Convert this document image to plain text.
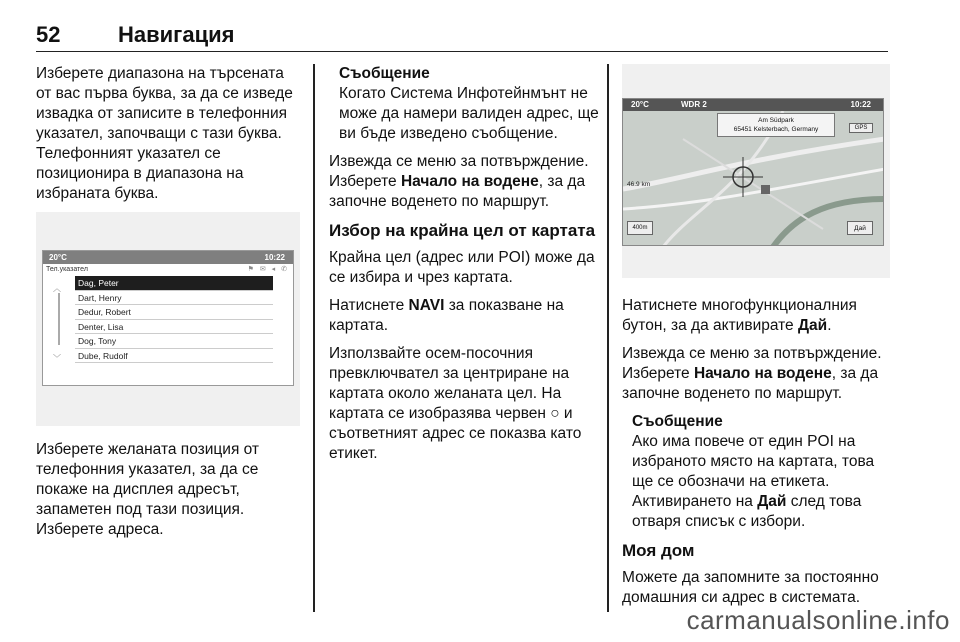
52	Навигация

Изберете диапазона на търсената от вас първа буква, за да се изведе извадка от записите в телефонния указател, започващи с тази буква. Телефонният указател се позиционира в диапазона на избраната буква.

20°C	10:22
Тел.указател	⚑ ✉ ◂ ✆
︿
﹀
Dag, Peter
Dart, Henry
Dedur, Robert
Denter, Lisa
Dog, Tony
Dube, Rudolf

Изберете желаната позиция от телефонния указател, за да се покаже на дисплея адресът, запаметен под тази позиция. Изберете адреса.

Съобщение
Когато Система Инфотейнмънт не може да намери валиден адрес, ще ви бъде изведено съобщение.

Извежда се меню за потвърждение. Изберете Начало на водене, за да започне воденето по маршрут.

Избор на крайна цел от картата

Крайна цел (адрес или POI) може да се избира и чрез картата.

Натиснете NAVI за показване на картата.

Използвайте осем-посочния превключвател за центриране на картата около желаната цел. На картата се изобразява червен ○ и съответният адрес се показва като етикет.

20°C	WDR 2	10:22
Am Südpark
65451 Kelsterbach, Germany	GPS
46.9 km
400m	Дай

Натиснете многофункционалния бутон, за да активирате Дай.

Извежда се меню за потвърждение. Изберете Начало на водене, за да започне воденето по маршрут.

Съобщение
Ако има повече от един POI на избраното място на картата, това ще се обозначи на етикета. Активирането на Дай след това отваря списък с избори.
Моя дом

Можете да запомните за постоянно домашния си адрес в системата.

carmanualsonline.info
